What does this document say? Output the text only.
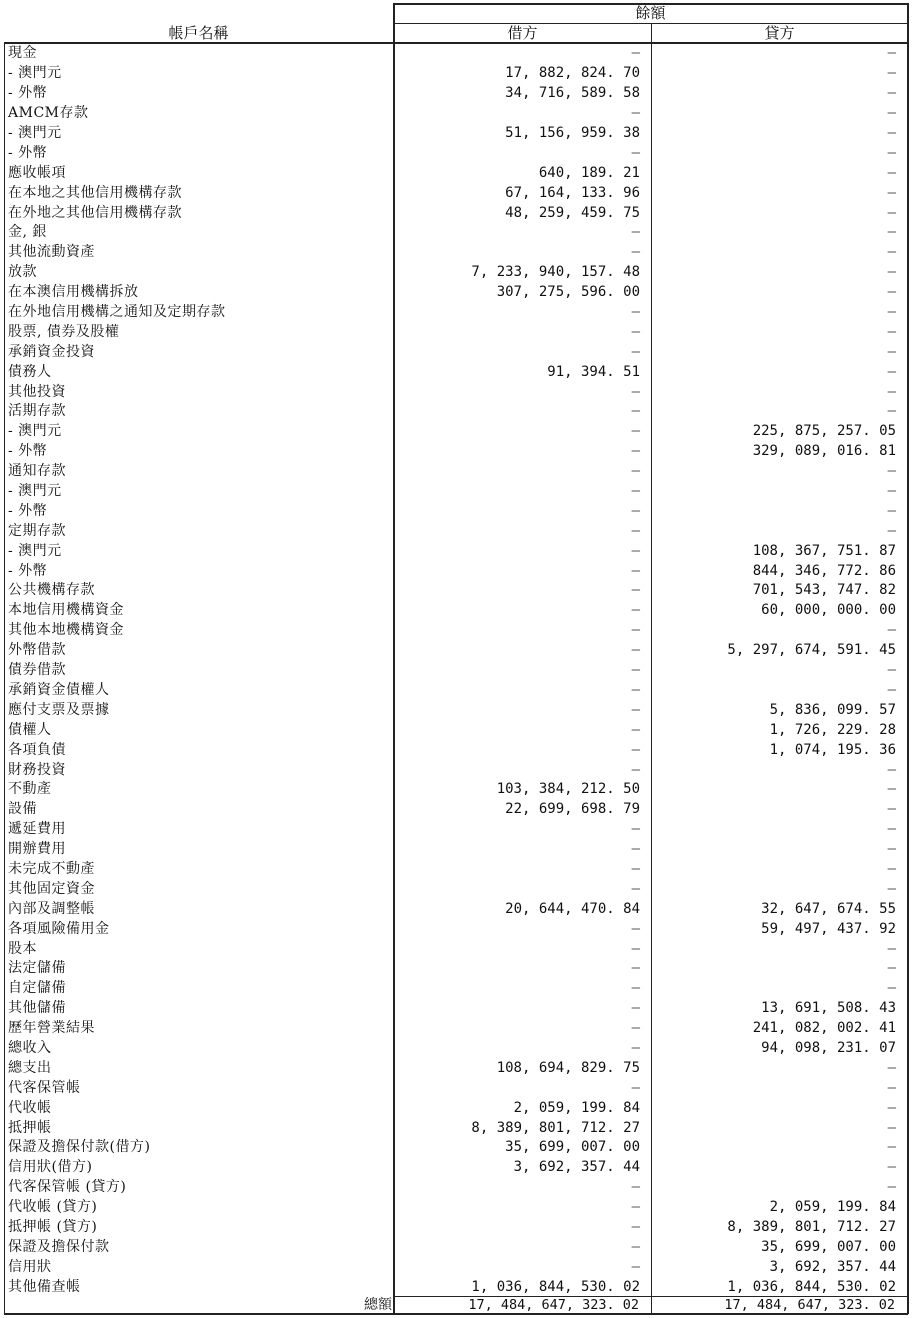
餘額
帳戶名稱	借方	貸方
現金	–	–
- 澳門元	17, 882, 824. 70	–
- 外幣	34, 716, 589. 58	–
AMCM存款	–	–
- 澳門元	51, 156, 959. 38	–
- 外幣	–	–
應收帳項	640, 189. 21	–
在本地之其他信用機構存款	67, 164, 133. 96	–
在外地之其他信用機構存款	48, 259, 459. 75	–
金, 銀	–	–
其他流動資產	–	–
放款	7, 233, 940, 157. 48	–
在本澳信用機構拆放	307, 275, 596. 00	–
在外地信用機構之通知及定期存款	–	–
股票, 債券及股權	–	–
承銷資金投資	–	–
債務人	91, 394. 51	–
其他投資	–	–
活期存款	–	–
- 澳門元	–	225, 875, 257. 05
- 外幣	–	329, 089, 016. 81
通知存款	–	–
- 澳門元	–	–
- 外幣	–	–
定期存款	–	–
- 澳門元	–	108, 367, 751. 87
- 外幣	–	844, 346, 772. 86
公共機構存款	–	701, 543, 747. 82
本地信用機構資金	–	60, 000, 000. 00
其他本地機構資金	–	–
外幣借款	–	5, 297, 674, 591. 45
債券借款	–	–
承銷資金債權人	–	–
應付支票及票據	–	5, 836, 099. 57
債權人	–	1, 726, 229. 28
各項負債	–	1, 074, 195. 36
財務投資	–	–
不動產	103, 384, 212. 50	–
設備	22, 699, 698. 79	–
遞延費用	–	–
開辦費用	–	–
未完成不動產	–	–
其他固定資金	–	–
內部及調整帳	20, 644, 470. 84	32, 647, 674. 55
各項風險備用金	–	59, 497, 437. 92
股本	–	–
法定儲備	–	–
自定儲備	–	–
其他儲備	–	13, 691, 508. 43
歷年營業結果	–	241, 082, 002. 41
總收入	–	94, 098, 231. 07
總支出	108, 694, 829. 75	–
代客保管帳	–	–
代收帳	2, 059, 199. 84	–
抵押帳	8, 389, 801, 712. 27	–
保證及擔保付款(借方)	35, 699, 007. 00	–
信用狀(借方)	3, 692, 357. 44	–
代客保管帳 (貸方)	–	–
代收帳 (貸方)	–	2, 059, 199. 84
抵押帳 (貸方)	–	8, 389, 801, 712. 27
保證及擔保付款	–	35, 699, 007. 00
信用狀	–	3, 692, 357. 44
其他備查帳	1, 036, 844, 530. 02	1, 036, 844, 530. 02
總額	17, 484, 647, 323. 02	17, 484, 647, 323. 02
